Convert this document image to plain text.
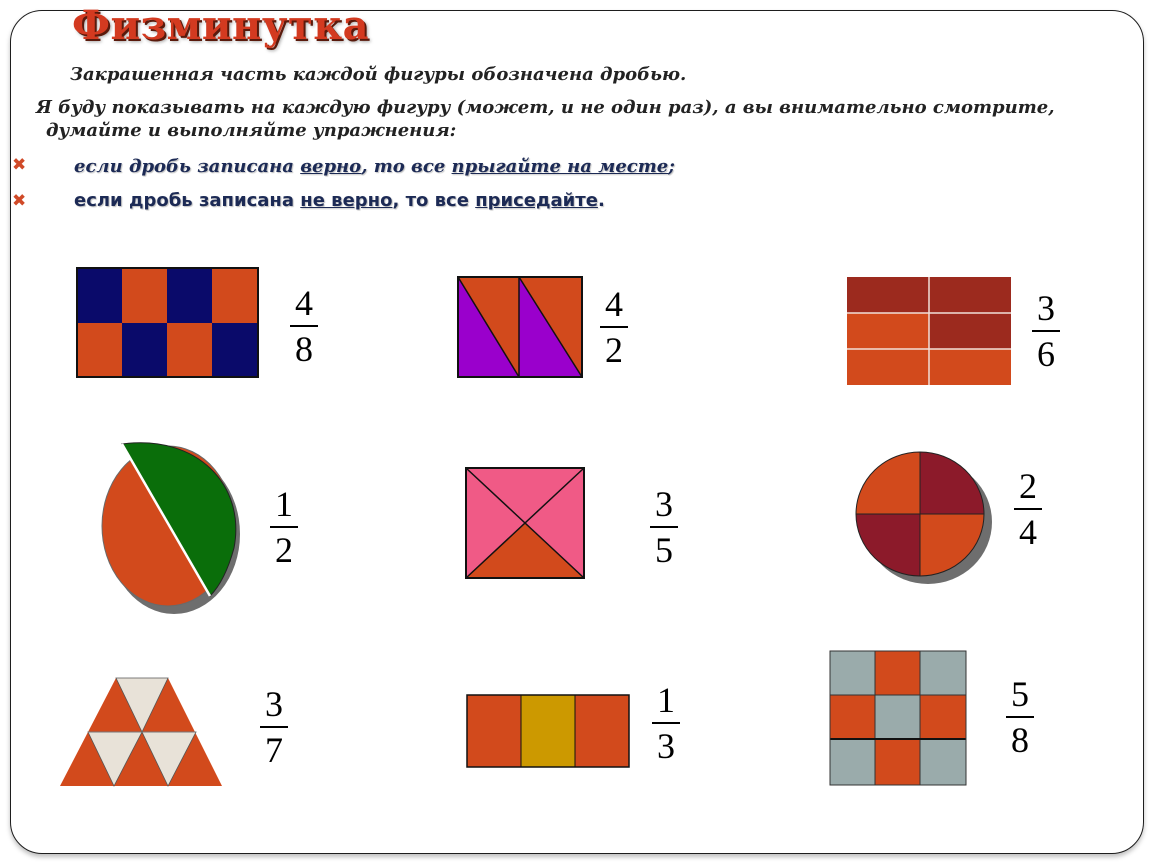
Физминутка
Закрашенная часть каждой фигуры обозначена дробью.
Я буду показывать на каждую фигуру (может, и не один раз), а вы внимательно смотрите,
думайте и выполняйте упражнения:
✖	если дробь записана верно, то все прыгайте на месте;
✖	если дробь записана не верно, то все приседайте.
4
8
4
2
3
6
1
2
3
5
2
4
3
7
1
3
5
8
